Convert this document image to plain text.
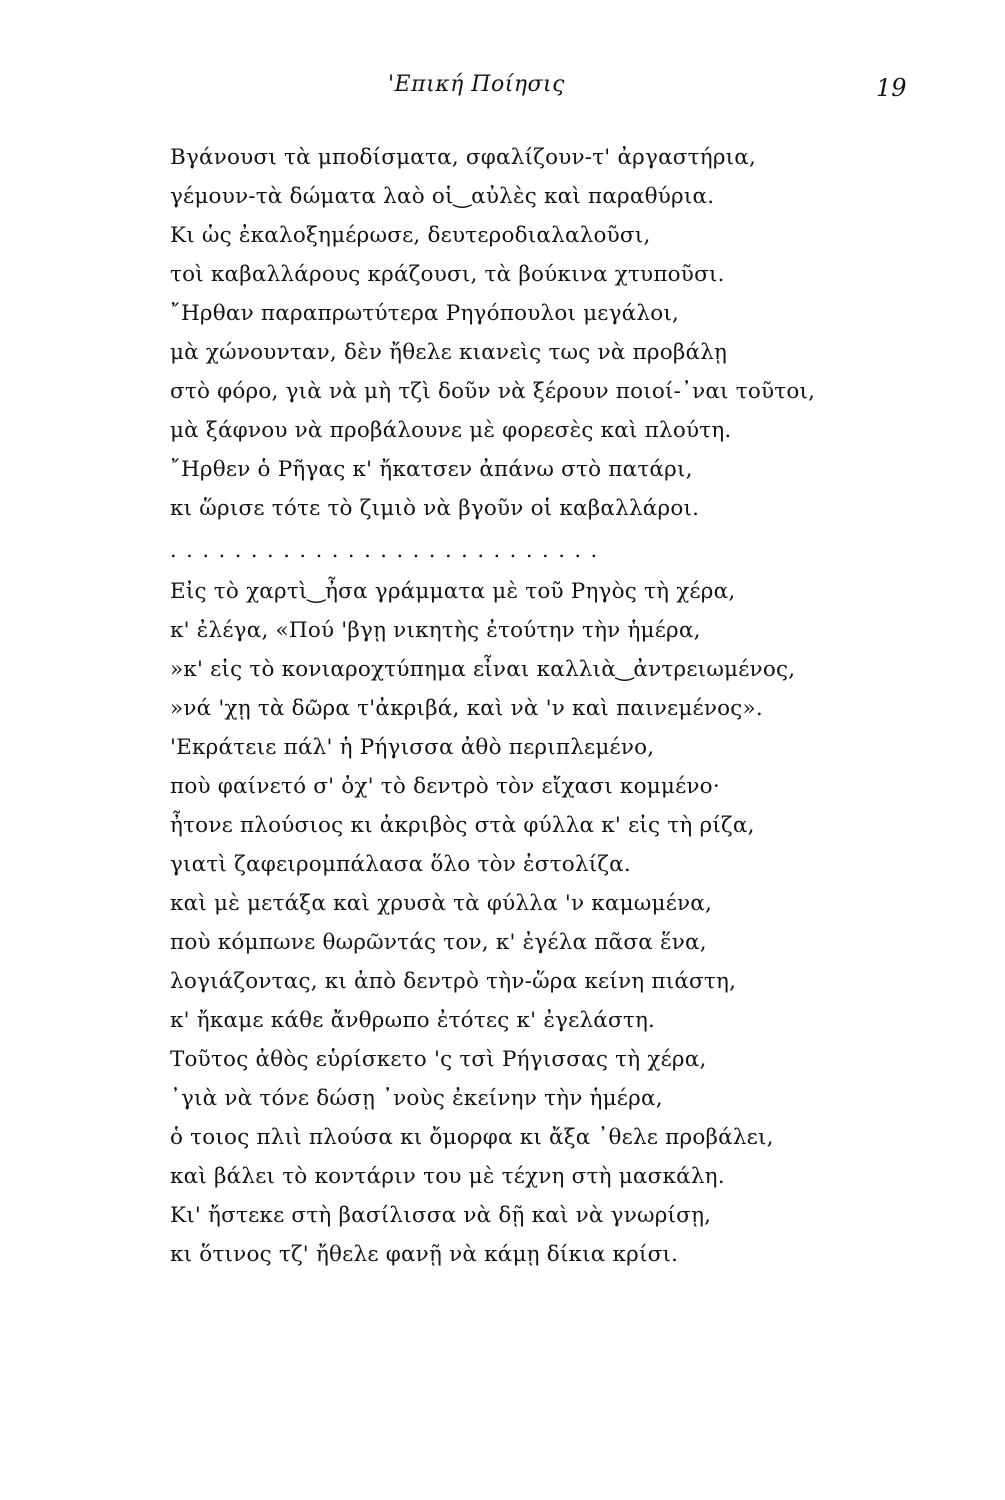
'Επική Ποίησις	19
Βγάνουσι τὰ μποδίσματα, σφαλίζουν-τ' ἀργαστήρια,
γέμουν-τὰ δώματα λαὸ οἱ‿αὐλὲς καὶ παραθύρια.
Κι ὡς ἐκαλοξημέρωσε, δευτεροδιαλαλοῦσι,
τοὶ καβαλλάρους κράζουσι, τὰ βούκινα χτυποῦσι.
῎Ηρθαν παραπρωτύτερα Ρηγόπουλοι μεγάλοι,
μὰ χώνουνταν, δὲν ἤθελε κιανεὶς τως νὰ προβάλῃ
στὸ φόρο, γιὰ νὰ μὴ τζὶ δοῦν νὰ ξέρουν ποιοί-᾿ναι τοῦτοι,
μὰ ξάφνου νὰ προβάλουνε μὲ φορεσὲς καὶ πλούτη.
῎Ηρθεν ὁ Ρῆγας κ' ἤκατσεν ἀπάνω στὸ πατάρι,
κι ὥρισε τότε τὸ ζιμιὸ νὰ βγοῦν οἱ καβαλλάροι.
...........................
Εἰς τὸ χαρτὶ‿ἦσα γράμματα μὲ τοῦ Ρηγὸς τὴ χέρα,
κ' ἐλέγα, «Πού 'βγῃ νικητὴς ἐτούτην τὴν ἡμέρα,
»κ' εἰς τὸ κονιαροχτύπημα εἶναι καλλιὰ‿ἀντρειωμένος,
»νά 'χῃ τὰ δῶρα τ'ἀκριβά, καὶ νὰ 'ν καὶ παινεμένος».
'Εκράτειε πάλ' ἡ Ρήγισσα ἀθὸ περιπλεμένο,
ποὺ φαίνετό σ' ὀχ' τὸ δεντρὸ τὸν εἴχασι κομμένο·
ἦτονε πλούσιος κι ἀκριβὸς στὰ φύλλα κ' εἰς τὴ ρίζα,
γιατὶ ζαφειρομπάλασα ὅλο τὸν ἐστολίζα.
καὶ μὲ μετάξα καὶ χρυσὰ τὰ φύλλα 'ν καμωμένα,
ποὺ κόμπωνε θωρῶντάς τον, κ' ἐγέλα πᾶσα ἕνα,
λογιάζοντας, κι ἀπὸ δεντρὸ τὴν-ὥρα κείνη πιάστη,
κ' ἤκαμε κάθε ἄνθρωπο ἐτότες κ' ἐγελάστη.
Τοῦτος ἀθὸς εὑρίσκετο 'ς τσὶ Ρήγισσας τὴ χέρα,
᾿γιὰ νὰ τόνε δώσῃ ᾿νοὺς ἐκείνην τὴν ἡμέρα,
ὁ τοιος πλιὶ πλούσα κι ὄμορφα κι ἄξα ᾿θελε προβάλει,
καὶ βάλει τὸ κοντάριν του μὲ τέχνη στὴ μασκάλη.
Κι' ἤστεκε στὴ βασίλισσα νὰ δῇ καὶ νὰ γνωρίσῃ,
κι ὅτινος τζ' ἤθελε φανῇ νὰ κάμῃ δίκια κρίσι.
